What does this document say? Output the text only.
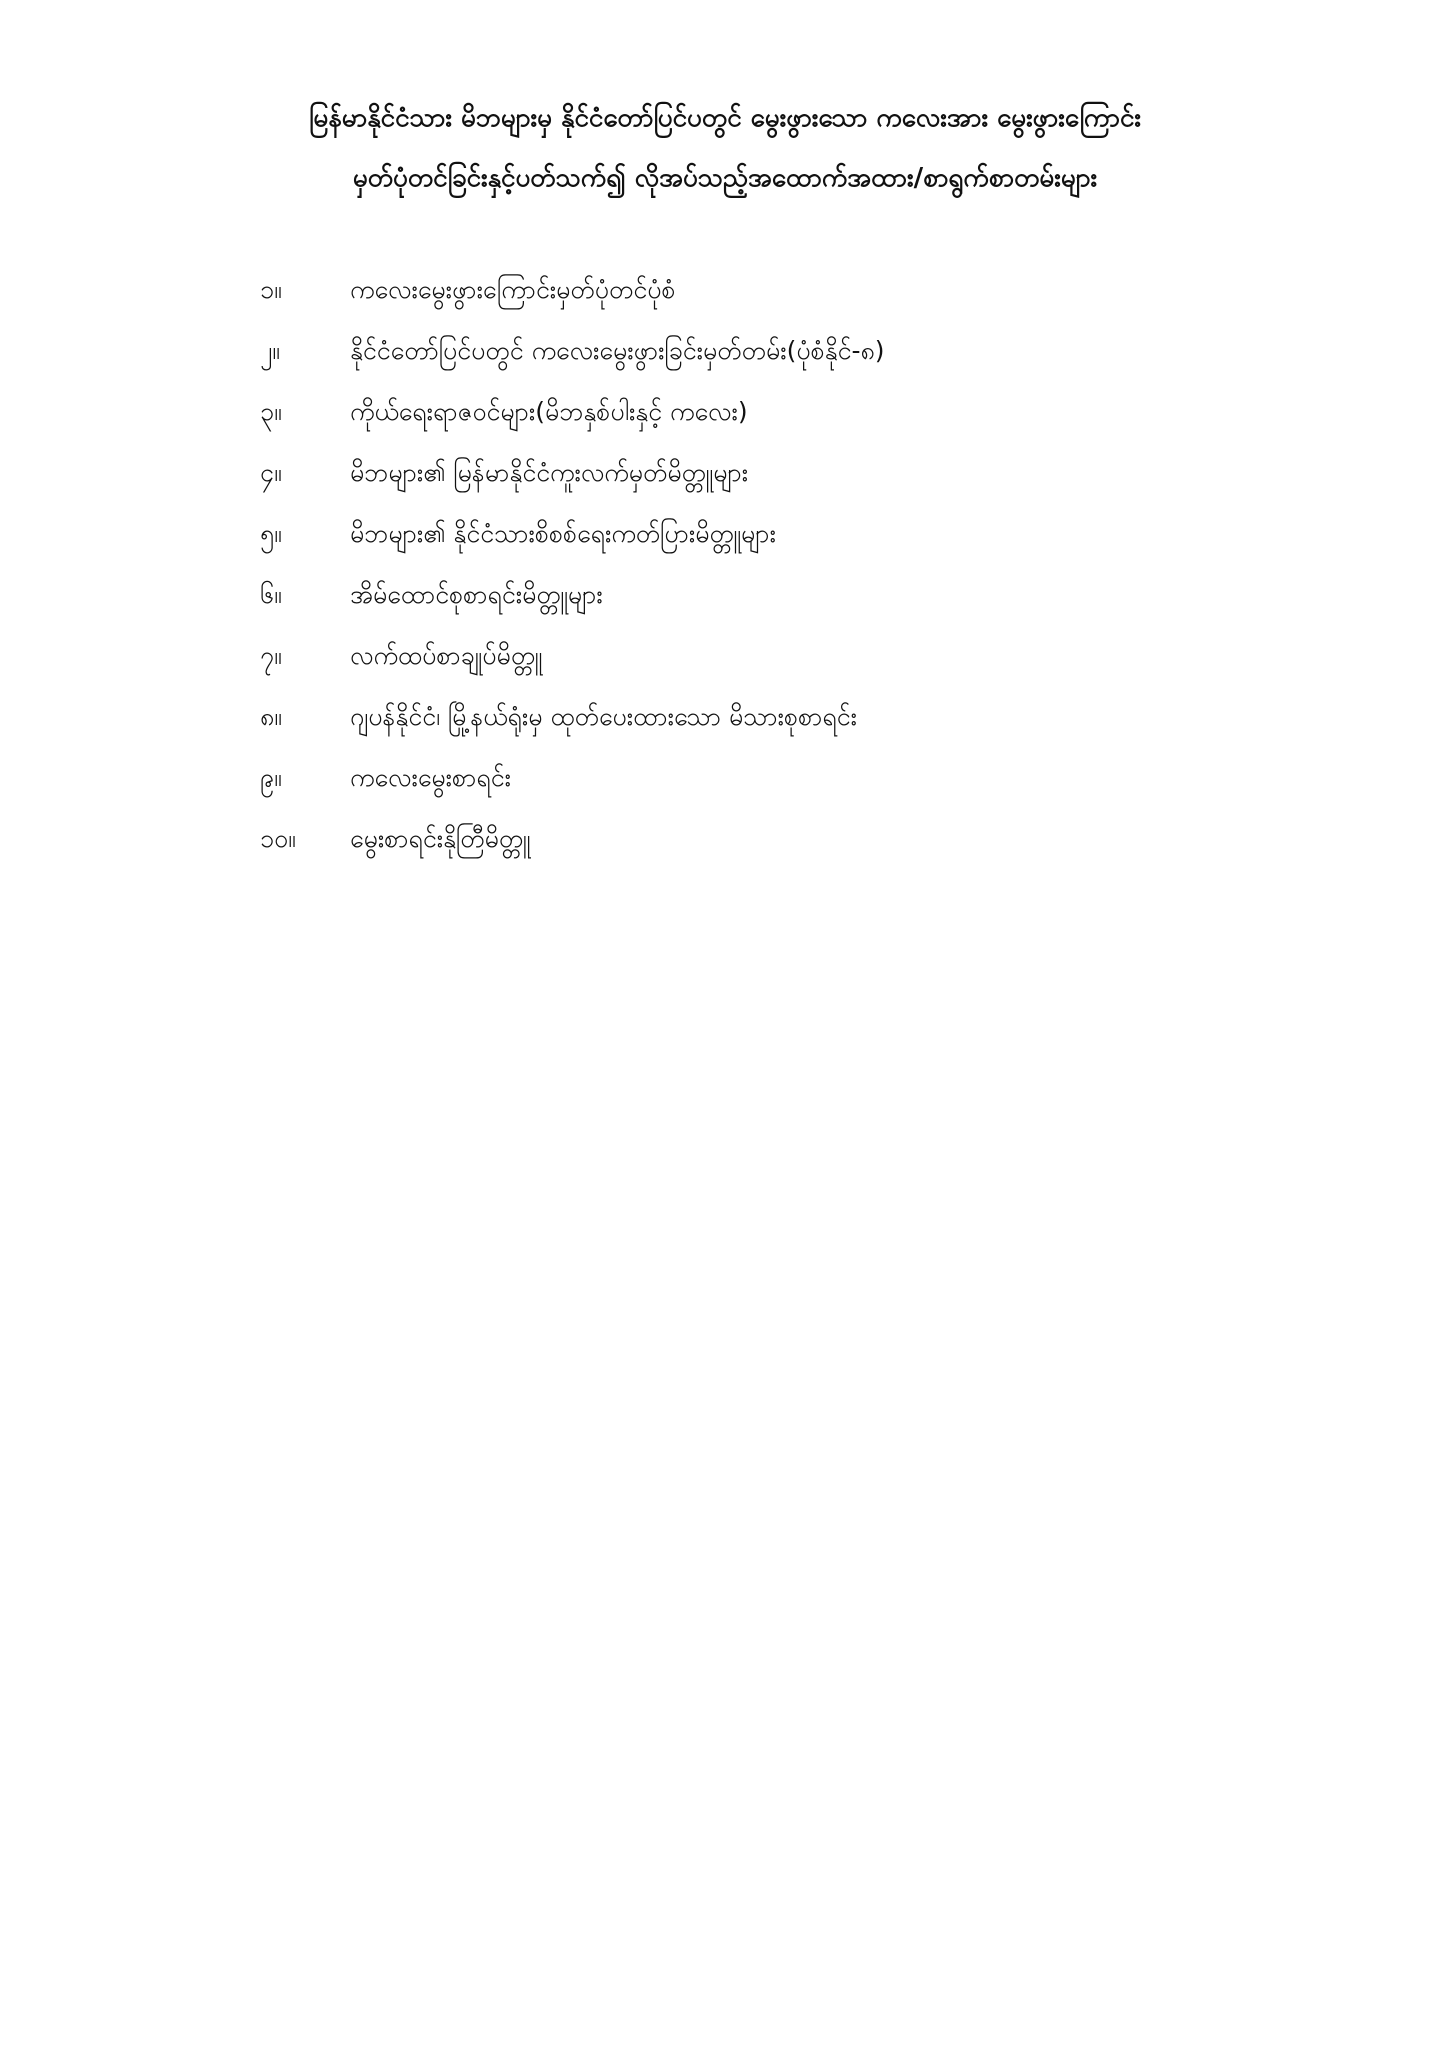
မြန်မာနိုင်ငံသား မိဘများမှ နိုင်ငံတော်ပြင်ပတွင် မွေးဖွားသော ကလေးအား မွေးဖွားကြောင်း
မှတ်ပုံတင်ခြင်းနှင့်ပတ်သက်၍ လိုအပ်သည့်အထောက်အထား/စာရွက်စာတမ်းများ
၁။	ကလေးမွေးဖွားကြောင်းမှတ်ပုံတင်ပုံစံ
၂။	နိုင်ငံတော်ပြင်ပတွင် ကလေးမွေးဖွားခြင်းမှတ်တမ်း(ပုံစံနိုင်-၈)
၃။	ကိုယ်ရေးရာဇဝင်များ(မိဘနှစ်ပါးနှင့် ကလေး)
၄။	မိဘများ၏ မြန်မာနိုင်ငံကူးလက်မှတ်မိတ္တူများ
၅။	မိဘများ၏ နိုင်ငံသားစိစစ်ရေးကတ်ပြားမိတ္တူများ
၆။	အိမ်ထောင်စုစာရင်းမိတ္တူများ
၇။	လက်ထပ်စာချုပ်မိတ္တူ
၈။	ဂျပန်နိုင်ငံ၊ မြို့နယ်ရုံးမှ ထုတ်ပေးထားသော မိသားစုစာရင်း
၉။	ကလေးမွေးစာရင်း
၁၀။	မွေးစာရင်းနိုတြီမိတ္တူ
